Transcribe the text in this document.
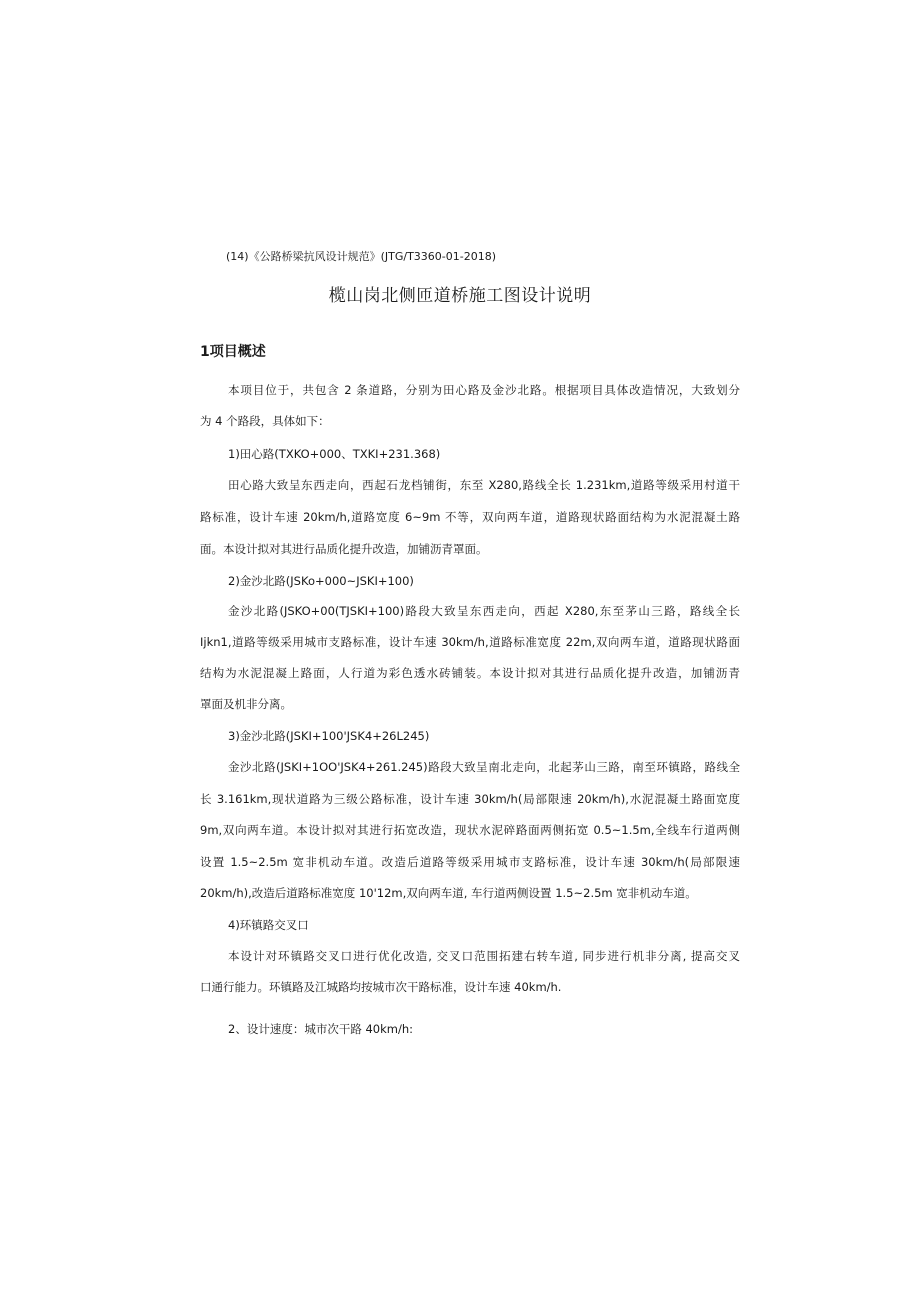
(14)《公路桥梁抗风设计规范》(JTG/T3360-01-2018)
榄山岗北侧匝道桥施工图设计说明
1项目概述
本项目位于，共包含 2 条道路，分别为田心路及金沙北路。根据项目具体改造情况，大致划分
为 4 个路段，具体如下：
1)田心路(TXKO+000、TXKI+231.368)
田心路大致呈东西走向，西起石龙档铺街，东至 X280,路线全长 1.231km,道路等级采用村道干
路标准，设计车速 20km/h,道路宽度 6~9m 不等，双向两车道，道路现状路面结构为水泥混凝土路
面。本设计拟对其进行品质化提升改造，加铺沥青罩面。
2)金沙北路(JSKo+000~JSKI+100)
金沙北路(JSKO+00(TJSKI+100)路段大致呈东西走向，西起 X280,东至茅山三路，路线全长
Ijkn1,道路等级采用城市支路标准，设计车速 30km/h,道路标准宽度 22m,双向两车道，道路现状路面
结构为水泥混凝上路面，人行道为彩色透水砖铺装。本设计拟对其进行品质化提升改造，加铺沥青
罩面及机非分离。
3)金沙北路(JSKI+100'JSK4+26L245)
金沙北路(JSKI+1OO'JSK4+261.245)路段大致呈南北走向，北起茅山三路，南至环镇路，路线全
长 3.161km,现状道路为三级公路标准，设计车速 30km/h(局部限速 20km/h),水泥混凝土路面宽度
9m,双向两车道。本设计拟对其进行拓宽改造，现状水泥碎路面两侧拓宽 0.5~1.5m,全线车行道两侧
设置 1.5~2.5m 宽非机动车道。改造后道路等级采用城市支路标准，设计车速 30km/h(局部限速
20km/h),改造后道路标准宽度 10'12m,双向两车道, 车行道两侧设置 1.5~2.5m 宽非机动车道。
4)环镇路交叉口
本设计对环镇路交叉口进行优化改造, 交叉口范围拓建右转车道, 同步进行机非分离, 提高交叉
口通行能力。环镇路及江城路均按城市次干路标准，设计车速 40km/h.
2、设计速度：城市次干路 40km/h:
